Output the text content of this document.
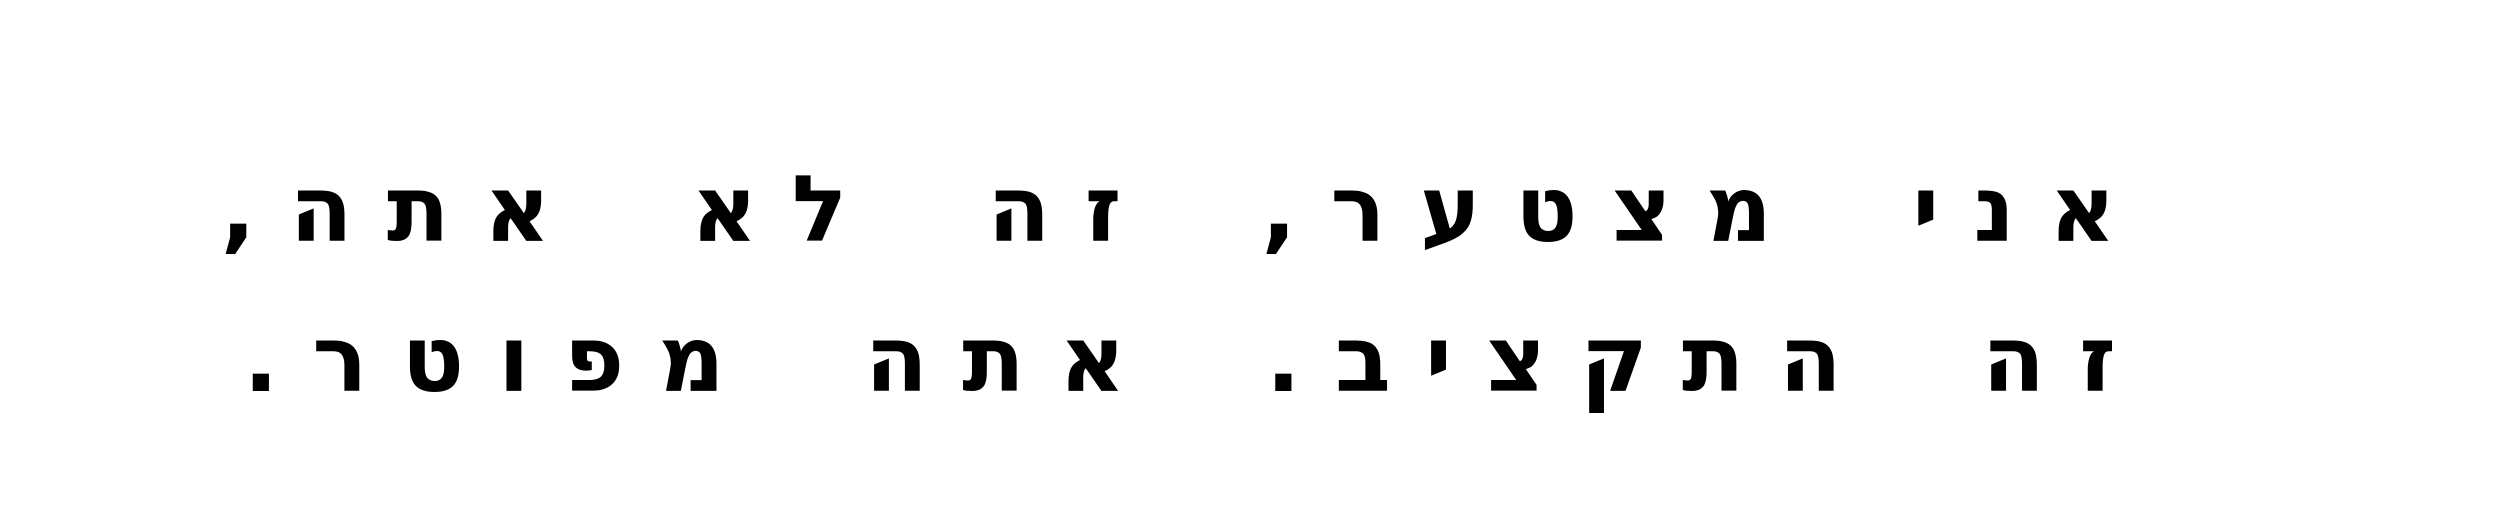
אני מצטער, זה לא אתה,
זה התקציב. אתה מפוטר.
